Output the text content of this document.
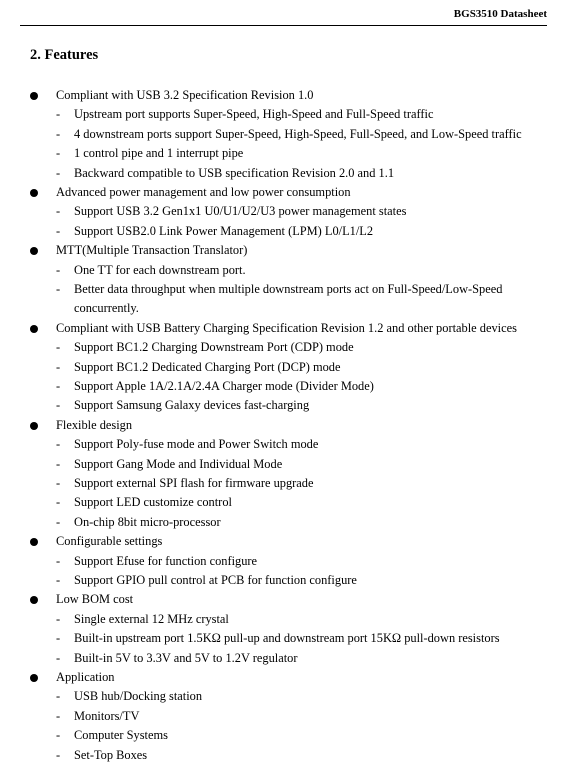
BGS3510 Datasheet
2. Features
Compliant with USB 3.2 Specification Revision 1.0
- Upstream port supports Super-Speed, High-Speed and Full-Speed traffic
- 4 downstream ports support Super-Speed, High-Speed, Full-Speed, and Low-Speed traffic
- 1 control pipe and 1 interrupt pipe
- Backward compatible to USB specification Revision 2.0 and 1.1
Advanced power management and low power consumption
- Support USB 3.2 Gen1x1 U0/U1/U2/U3 power management states
- Support USB2.0 Link Power Management (LPM) L0/L1/L2
MTT(Multiple Transaction Translator)
- One TT for each downstream port.
- Better data throughput when multiple downstream ports act on Full-Speed/Low-Speed concurrently.
Compliant with USB Battery Charging Specification Revision 1.2 and other portable devices
- Support BC1.2 Charging Downstream Port (CDP) mode
- Support BC1.2 Dedicated Charging Port (DCP) mode
- Support Apple 1A/2.1A/2.4A Charger mode (Divider Mode)
- Support Samsung Galaxy devices fast-charging
Flexible design
- Support Poly-fuse mode and Power Switch mode
- Support Gang Mode and Individual Mode
- Support external SPI flash for firmware upgrade
- Support LED customize control
- On-chip 8bit micro-processor
Configurable settings
- Support Efuse for function configure
- Support GPIO pull control at PCB for function configure
Low BOM cost
- Single external 12 MHz crystal
- Built-in upstream port 1.5KΩ pull-up and downstream port 15KΩ pull-down resistors
- Built-in 5V to 3.3V and 5V to 1.2V regulator
Application
- USB hub/Docking station
- Monitors/TV
- Computer Systems
- Set-Top Boxes
